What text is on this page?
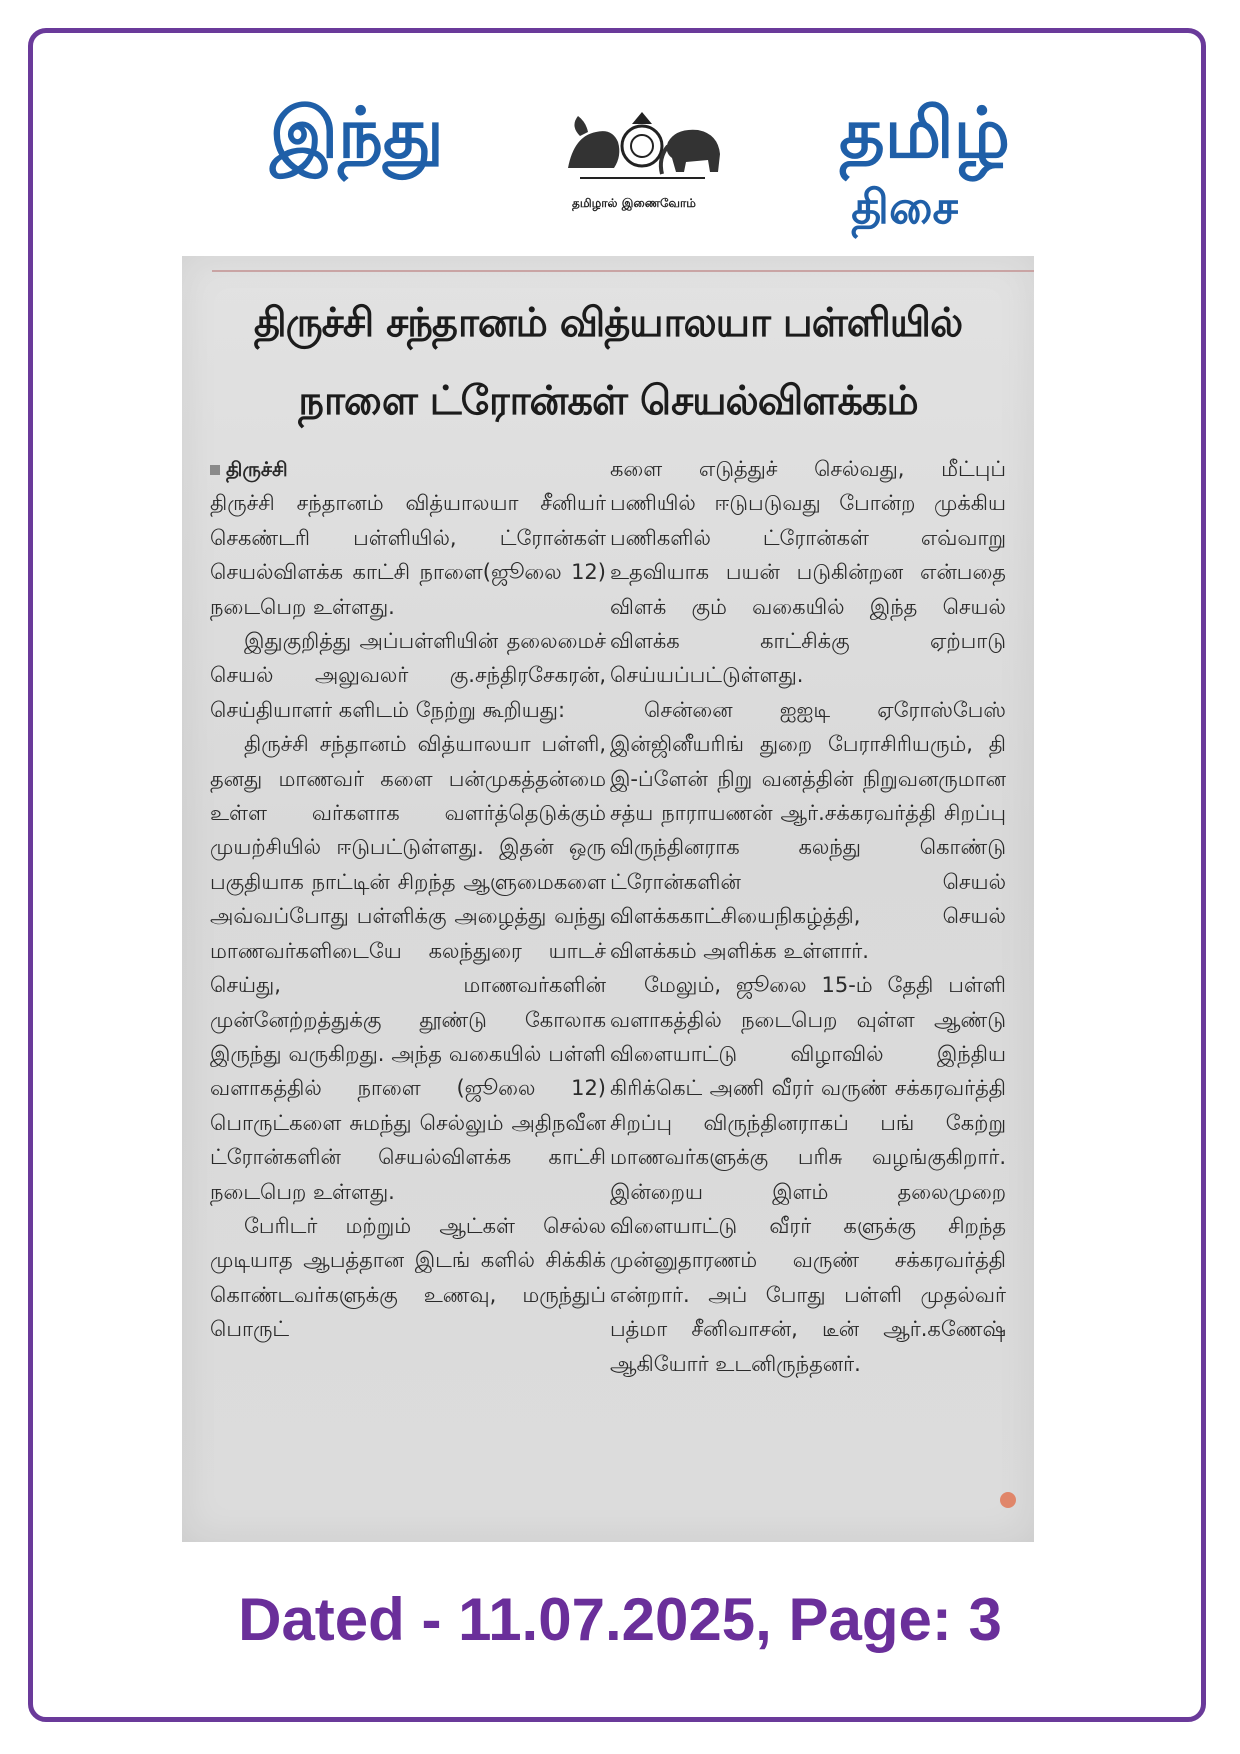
இந்து
தமிழால் இணைவோம்
தமிழ்
திசை
திருச்சி சந்தானம் வித்யாலயா பள்ளியில்
நாளை ட்ரோன்கள் செயல்விளக்கம்
திருச்சி

திருச்சி சந்தானம் வித்யாலயா சீனியர் செகண்டரி பள்ளியில், ட்ரோன்கள் செயல்விளக்க காட்சி நாளை(ஜூலை 12) நடைபெற உள்ளது.

இதுகுறித்து அப்பள்ளியின் தலைமைச் செயல் அலுவலர் கு.சந்திரசேகரன், செய்தியாளர் களிடம் நேற்று கூறியது:

திருச்சி சந்தானம் வித்யாலயா பள்ளி, தனது மாணவர் களை பன்முகத்தன்மை உள்ள வர்களாக வளர்த்தெடுக்கும் முயற்சியில் ஈடுபட்டுள்ளது. இதன் ஒரு பகுதியாக நாட்டின் சிறந்த ஆளுமைகளை அவ்வப்போது பள்ளிக்கு அழைத்து வந்து மாணவர்களிடையே கலந்துரை யாடச் செய்து, மாணவர்களின் முன்னேற்றத்துக்கு தூண்டு கோலாக இருந்து வருகிறது. அந்த வகையில் பள்ளி வளாகத்தில் நாளை (ஜூலை 12) பொருட்களை சுமந்து செல்லும் அதிநவீன ட்ரோன்களின் செயல்விளக்க காட்சி நடைபெற உள்ளது.

பேரிடர் மற்றும் ஆட்கள் செல்ல முடியாத ஆபத்தான இடங் களில் சிக்கிக் கொண்டவர்களுக்கு உணவு, மருந்துப் பொருட்

களை எடுத்துச் செல்வது, மீட்புப் பணியில் ஈடுபடுவது போன்ற முக்கிய பணிகளில் ட்ரோன்கள் எவ்வாறு உதவியாக பயன் படுகின்றன என்பதை விளக் கும் வகையில் இந்த செயல் விளக்க காட்சிக்கு ஏற்பாடு செய்யப்பட்டுள்ளது.

சென்னை ஐஐடி ஏரோஸ்பேஸ் இன்ஜினீயரிங் துறை பேராசிரியரும், தி இ-ப்ளேன் நிறு வனத்தின் நிறுவனருமான சத்ய நாராயணன் ஆர்.சக்கரவர்த்தி சிறப்பு விருந்தினராக கலந்து கொண்டு ட்ரோன்களின் செயல் விளக்ககாட்சியைநிகழ்த்தி, செயல் விளக்கம் அளிக்க உள்ளார்.

மேலும், ஜூலை 15-ம் தேதி பள்ளி வளாகத்தில் நடைபெற வுள்ள ஆண்டு விளையாட்டு விழாவில் இந்திய கிரிக்கெட் அணி வீரர் வருண் சக்கரவர்த்தி சிறப்பு விருந்தினராகப் பங் கேற்று மாணவர்களுக்கு பரிசு வழங்குகிறார். இன்றைய இளம் தலைமுறை விளையாட்டு வீரர் களுக்கு சிறந்த முன்னுதாரணம் வருண் சக்கரவர்த்தி என்றார். அப் போது பள்ளி முதல்வர் பத்மா சீனிவாசன், டீன் ஆர்.கணேஷ் ஆகியோர் உடனிருந்தனர்.

Dated - 11.07.2025, Page: 3
